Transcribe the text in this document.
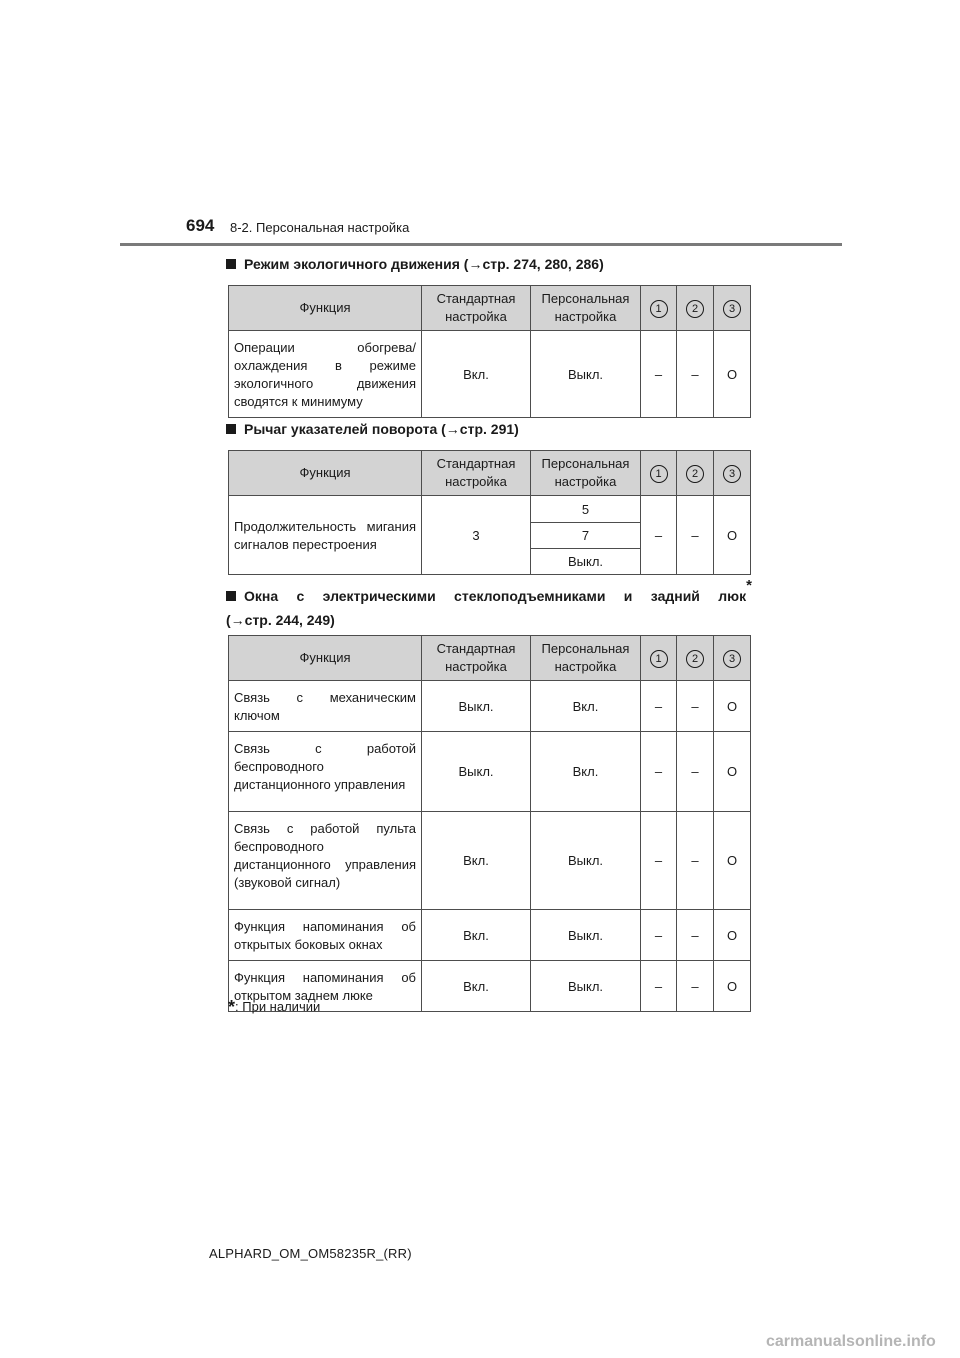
694 8-2. Персональная настройка
Режим экологичного движения (→стр. 274, 280, 286)
Функция	Стандартная настройка	Персональная настройка	1	2	3
Операции обогрева/ охлаждения в режиме экологичного движения сводятся к минимуму	Вкл.	Выкл.	–	–	O
Рычаг указателей поворота (→стр. 291)
Функция	Стандартная настройка	Персональная настройка	1	2	3
Продолжительность мигания сигналов перестроения	3	5	–	–	O
		7			
		Выкл.			
Окна с электрическими стеклоподъемниками и задний люк
*
(→стр. 244, 249)
Функция	Стандартная настройка	Персональная настройка	1	2	3
Связь с механическим ключом	Выкл.	Вкл.	–	–	O
Связь с работой беспроводного дистанционного управления	Выкл.	Вкл.	–	–	O
Связь с работой пульта беспроводного дистанционного управления (звуковой сигнал)	Вкл.	Выкл.	–	–	O
Функция напоминания об открытых боковых окнах	Вкл.	Выкл.	–	–	O
Функция напоминания об открытом заднем люке	Вкл.	Выкл.	–	–	O
*: При наличии
ALPHARD_OM_OM58235R_(RR)
carmanualsonline.info
